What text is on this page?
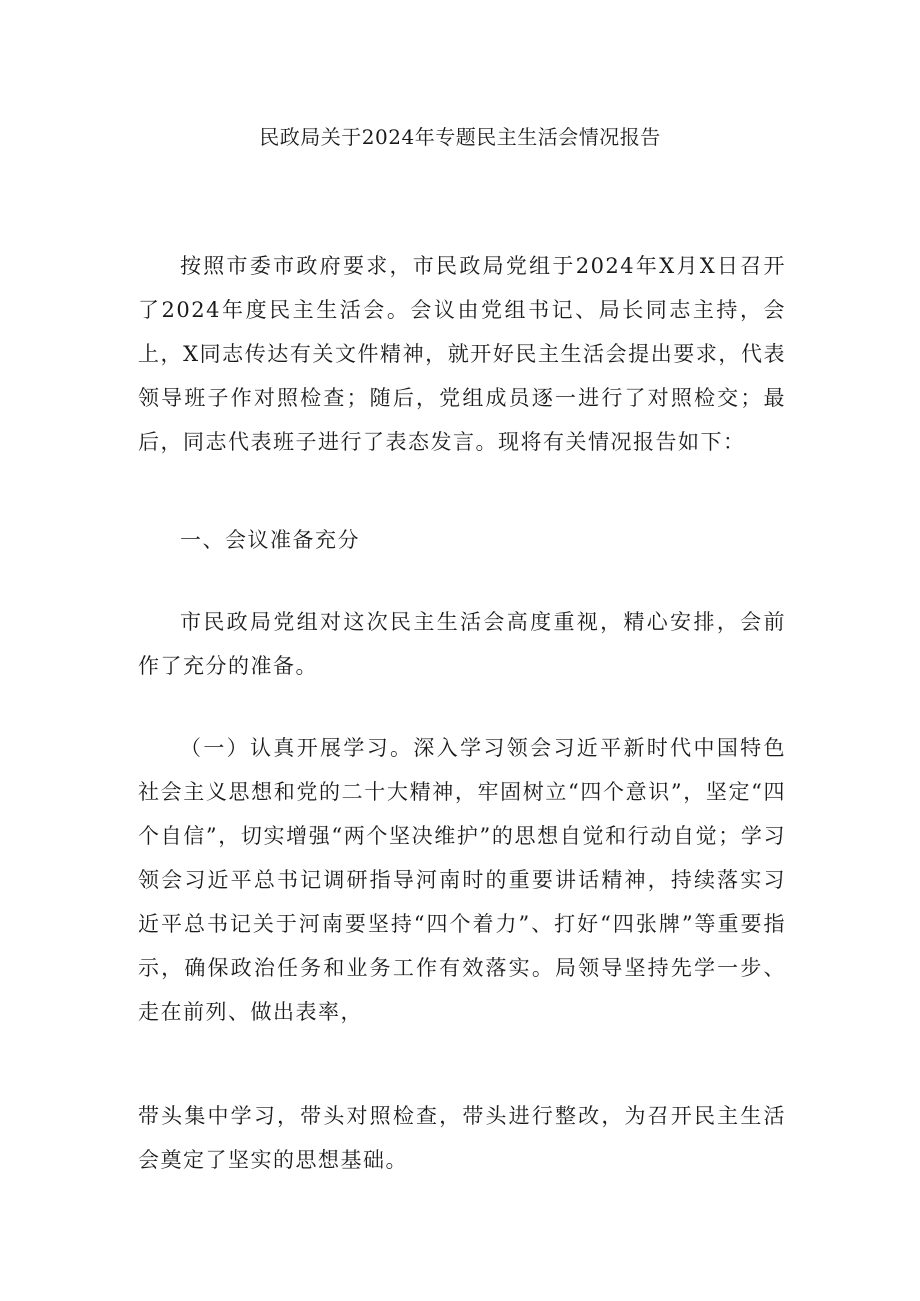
民政局关于2024年专题民主生活会情况报告

按照市委市政府要求，市民政局党组于2024年X月X日召开了2024年度民主生活会。会议由党组书记、局长同志主持，会上，X同志传达有关文件精神，就开好民主生活会提出要求，代表领导班子作对照检查；随后，党组成员逐一进行了对照检交；最后，同志代表班子进行了表态发言。现将有关情况报告如下：

一、会议准备充分

市民政局党组对这次民主生活会高度重视，精心安排，会前作了充分的准备。

（一）认真开展学习。深入学习领会习近平新时代中国特色社会主义思想和党的二十大精神，牢固树立“四个意识”，坚定“四个自信”，切实增强“两个坚决维护”的思想自觉和行动自觉；学习领会习近平总书记调研指导河南时的重要讲话精神，持续落实习近平总书记关于河南要坚持“四个着力”、打好“四张牌”等重要指示，确保政治任务和业务工作有效落实。局领导坚持先学一步、走在前列、做出表率，

带头集中学习，带头对照检查，带头进行整改，为召开民主生活会奠定了坚实的思想基础。
